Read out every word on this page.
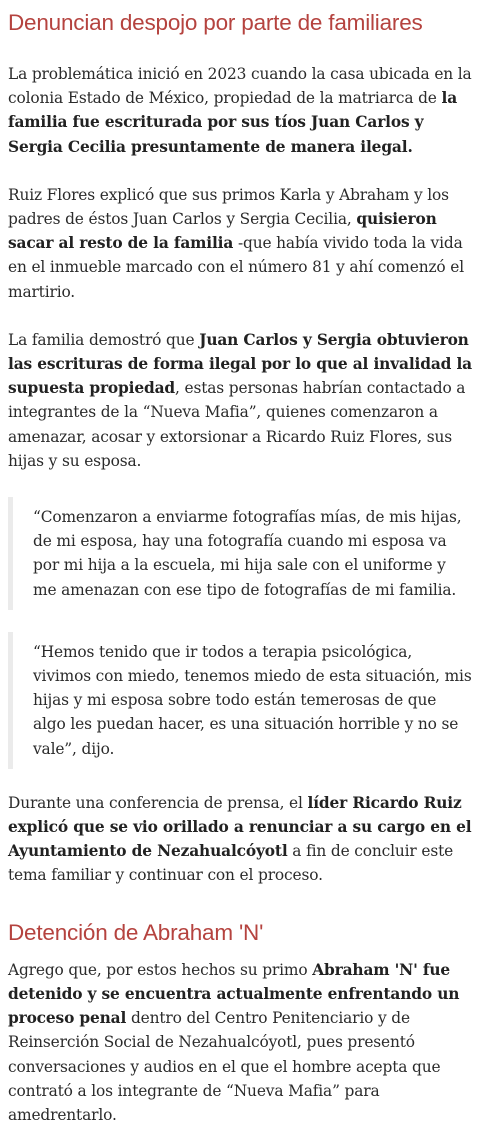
Denuncian despojo por parte de familiares

La problemática inició en 2023 cuando la casa ubicada en la colonia Estado de México, propiedad de la matriarca de la familia fue escriturada por sus tíos Juan Carlos y Sergia Cecilia presuntamente de manera ilegal.

Ruiz Flores explicó que sus primos Karla y Abraham y los padres de éstos Juan Carlos y Sergia Cecilia, quisieron sacar al resto de la familia -que había vivido toda la vida en el inmueble marcado con el número 81 y ahí comenzó el martirio.

La familia demostró que Juan Carlos y Sergia obtuvieron las escrituras de forma ilegal por lo que al invalidad la supuesta propiedad, estas personas habrían contactado a integrantes de la “Nueva Mafia”, quienes comenzaron a amenazar, acosar y extorsionar a Ricardo Ruiz Flores, sus hijas y su esposa.

“Comenzaron a enviarme fotografías mías, de mis hijas, de mi esposa, hay una fotografía cuando mi esposa va por mi hija a la escuela, mi hija sale con el uniforme y me amenazan con ese tipo de fotografías de mi familia.

“Hemos tenido que ir todos a terapia psicológica, vivimos con miedo, tenemos miedo de esta situación, mis hijas y mi esposa sobre todo están temerosas de que algo les puedan hacer, es una situación horrible y no se vale”, dijo.

Durante una conferencia de prensa, el líder Ricardo Ruiz explicó que se vio orillado a renunciar a su cargo en el Ayuntamiento de Nezahualcóyotl a fin de concluir este tema familiar y continuar con el proceso.

Detención de Abraham 'N'

Agrego que, por estos hechos su primo Abraham 'N' fue detenido y se encuentra actualmente enfrentando un proceso penal dentro del Centro Penitenciario y de Reinserción Social de Nezahualcóyotl, pues presentó conversaciones y audios en el que el hombre acepta que contrató a los integrante de “Nueva Mafia” para amedrentarlo.
